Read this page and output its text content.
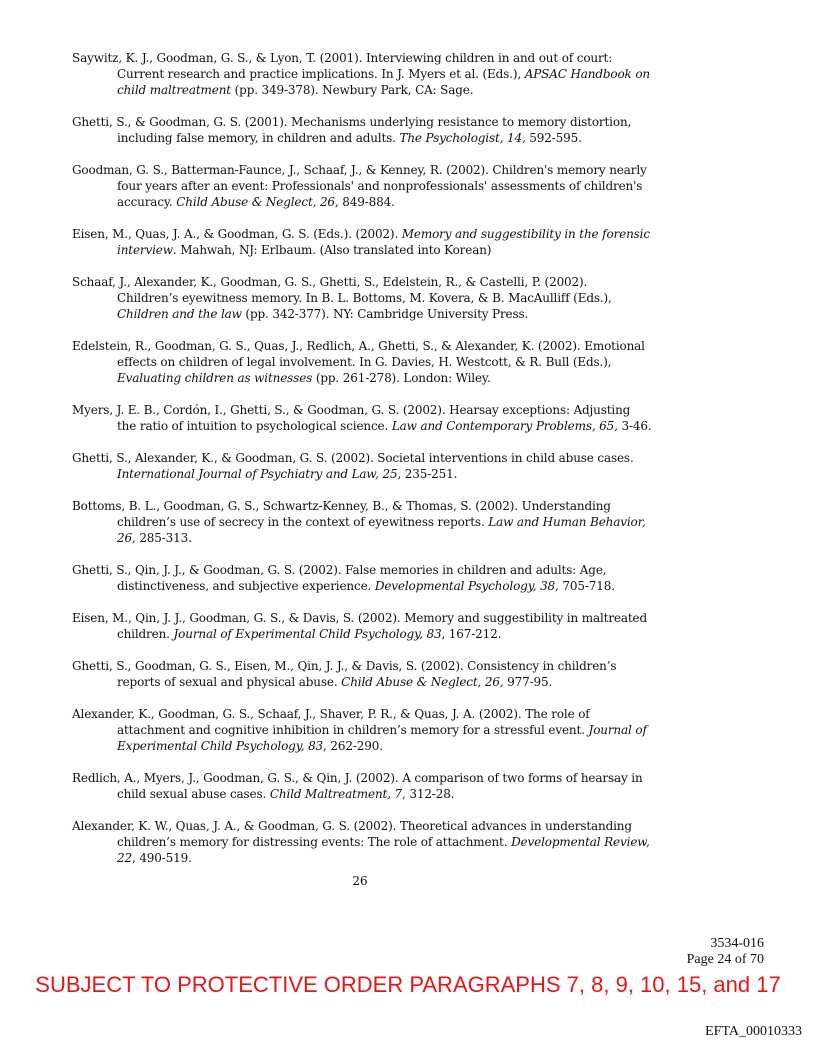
Saywitz, K. J., Goodman, G. S., & Lyon, T. (2001). Interviewing children in and out of court: Current research and practice implications. In J. Myers et al. (Eds.), APSAC Handbook on child maltreatment (pp. 349-378). Newbury Park, CA: Sage.

Ghetti, S., & Goodman, G. S. (2001). Mechanisms underlying resistance to memory distortion, including false memory, in children and adults. The Psychologist, 14, 592-595.

Goodman, G. S., Batterman-Faunce, J., Schaaf, J., & Kenney, R. (2002). Children's memory nearly four years after an event: Professionals' and nonprofessionals' assessments of children's accuracy. Child Abuse & Neglect, 26, 849-884.

Eisen, M., Quas, J. A., & Goodman, G. S. (Eds.). (2002). Memory and suggestibility in the forensic interview. Mahwah, NJ: Erlbaum. (Also translated into Korean)

Schaaf, J., Alexander, K., Goodman, G. S., Ghetti, S., Edelstein, R., & Castelli, P. (2002). Children’s eyewitness memory. In B. L. Bottoms, M. Kovera, & B. MacAulliff (Eds.), Children and the law (pp. 342-377). NY: Cambridge University Press.

Edelstein, R., Goodman, G. S., Quas, J., Redlich, A., Ghetti, S., & Alexander, K. (2002). Emotional effects on children of legal involvement. In G. Davies, H. Westcott, & R. Bull (Eds.), Evaluating children as witnesses (pp. 261-278). London: Wiley.

Myers, J. E. B., Cordón, I., Ghetti, S., & Goodman, G. S. (2002). Hearsay exceptions: Adjusting the ratio of intuition to psychological science. Law and Contemporary Problems, 65, 3-46.

Ghetti, S., Alexander, K., & Goodman, G. S. (2002). Societal interventions in child abuse cases. International Journal of Psychiatry and Law, 25, 235-251.

Bottoms, B. L., Goodman, G. S., Schwartz-Kenney, B., & Thomas, S. (2002). Understanding children’s use of secrecy in the context of eyewitness reports. Law and Human Behavior, 26, 285-313.

Ghetti, S., Qin, J. J., & Goodman, G. S. (2002). False memories in children and adults: Age, distinctiveness, and subjective experience. Developmental Psychology, 38, 705-718.

Eisen, M., Qin, J. J., Goodman, G. S., & Davis, S. (2002). Memory and suggestibility in maltreated children. Journal of Experimental Child Psychology, 83, 167-212.

Ghetti, S., Goodman, G. S., Eisen, M., Qin, J. J., & Davis, S. (2002). Consistency in children’s reports of sexual and physical abuse. Child Abuse & Neglect, 26, 977-95.

Alexander, K., Goodman, G. S., Schaaf, J., Shaver, P. R., & Quas, J. A. (2002). The role of attachment and cognitive inhibition in children’s memory for a stressful event. Journal of Experimental Child Psychology, 83, 262-290.

Redlich, A., Myers, J., Goodman, G. S., & Qin, J. (2002). A comparison of two forms of hearsay in child sexual abuse cases. Child Maltreatment, 7, 312-28.

Alexander, K. W., Quas, J. A., & Goodman, G. S. (2002). Theoretical advances in understanding children’s memory for distressing events: The role of attachment. Developmental Review, 22, 490-519.

26
3534-016
Page 24 of 70
SUBJECT TO PROTECTIVE ORDER PARAGRAPHS 7, 8, 9, 10, 15, and 17
EFTA_00010333
